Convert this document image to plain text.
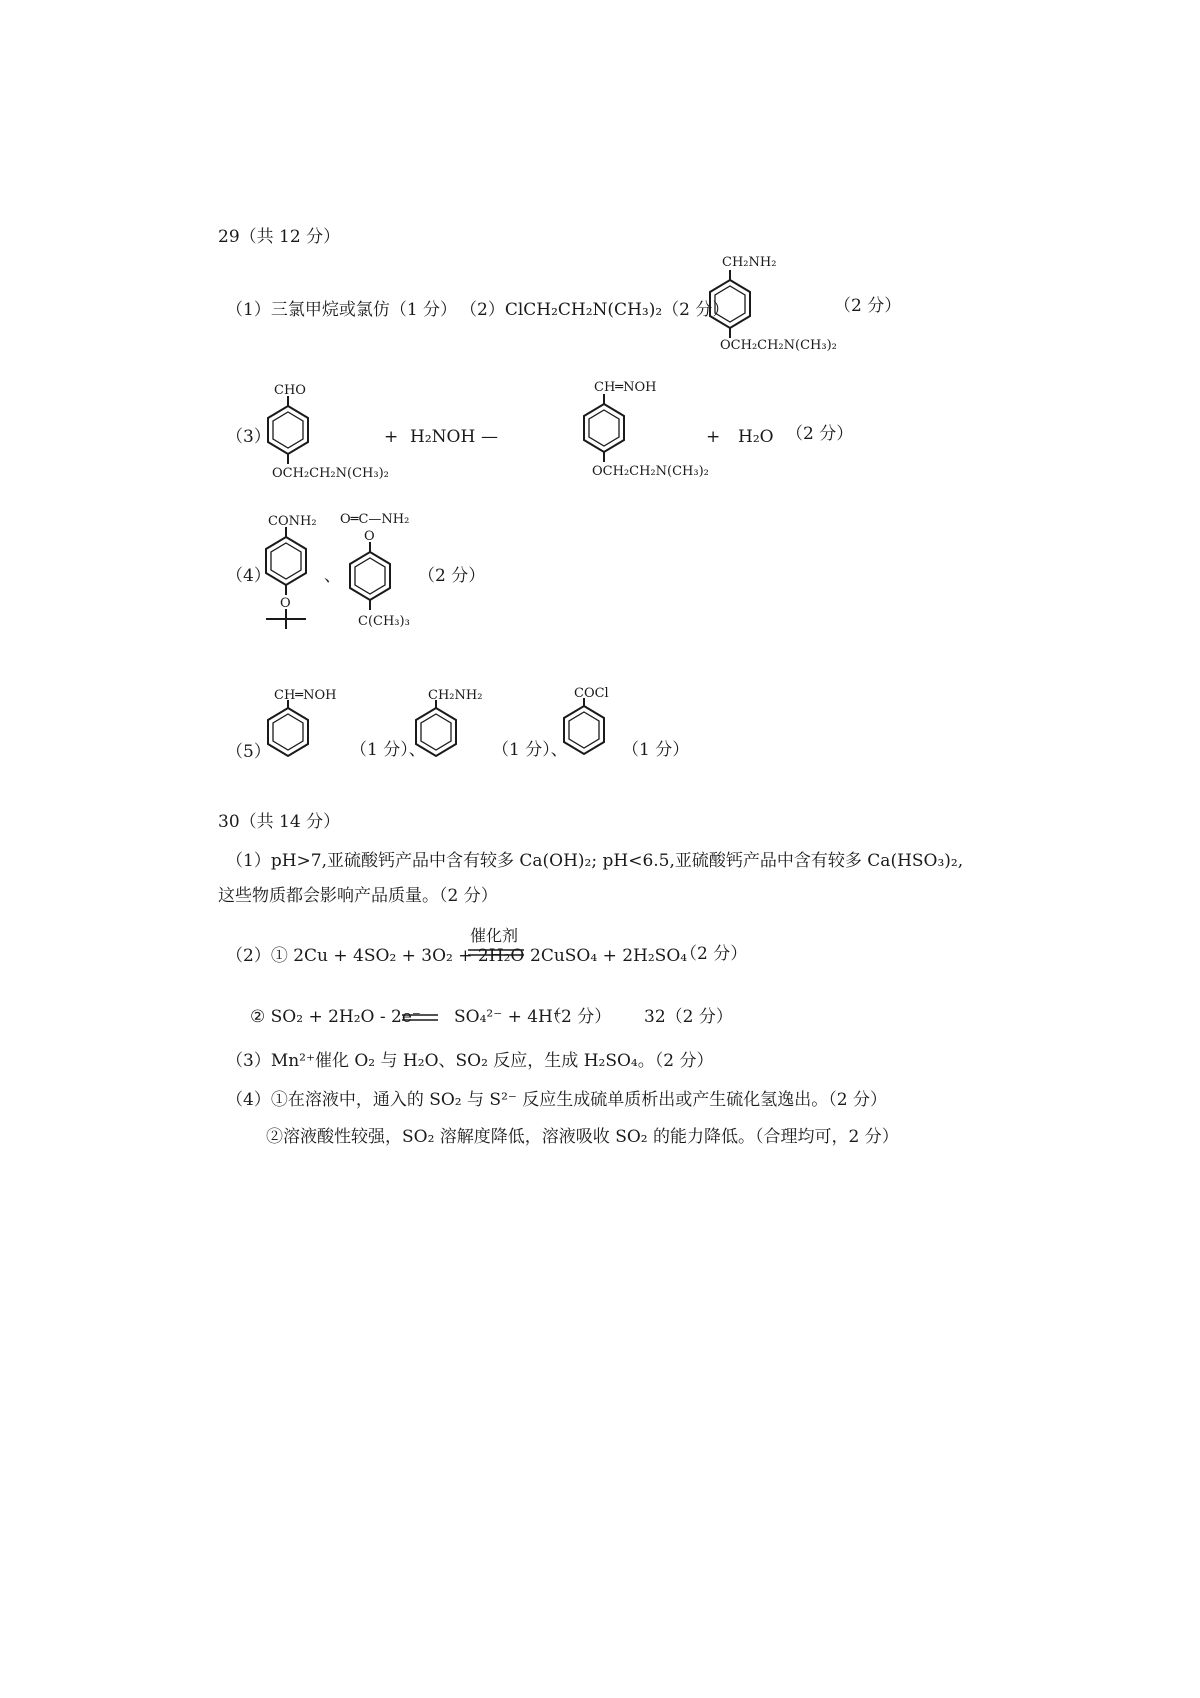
29（共 12 分）
（1）三氯甲烷或氯仿（1 分） （2）ClCH₂CH₂N(CH₃)₂（2 分）
CH₂NH₂
OCH₂CH₂N(CH₃)₂
（2 分）
（3）
CHO
OCH₂CH₂N(CH₃)₂
+ H₂NOH —
CH═NOH
OCH₂CH₂N(CH₃)₂
+ H₂O （2 分）
（4）
CONH₂
O
、
O═C—NH₂
O
C(CH₃)₃
（2 分）
（5）
CH═NOH
（1 分）、
CH₂NH₂
（1 分）、
COCl
（1 分）
30（共 14 分）
（1）pH>7,亚硫酸钙产品中含有较多 Ca(OH)₂; pH<6.5,亚硫酸钙产品中含有较多 Ca(HSO₃)₂,
这些物质都会影响产品质量。（2 分）
（2）① 2Cu + 4SO₂ + 3O₂ + 2H₂O
催化剂
2CuSO₄ + 2H₂SO₄
（2 分）
② SO₂ + 2H₂O - 2e⁻ SO₄²⁻ + 4H⁺
（2 分） 32（2 分）
（3）Mn²⁺催化 O₂ 与 H₂O、SO₂ 反应，生成 H₂SO₄。（2 分）
（4）①在溶液中，通入的 SO₂ 与 S²⁻ 反应生成硫单质析出或产生硫化氢逸出。（2 分）
②溶液酸性较强，SO₂ 溶解度降低，溶液吸收 SO₂ 的能力降低。（合理均可，2 分）
